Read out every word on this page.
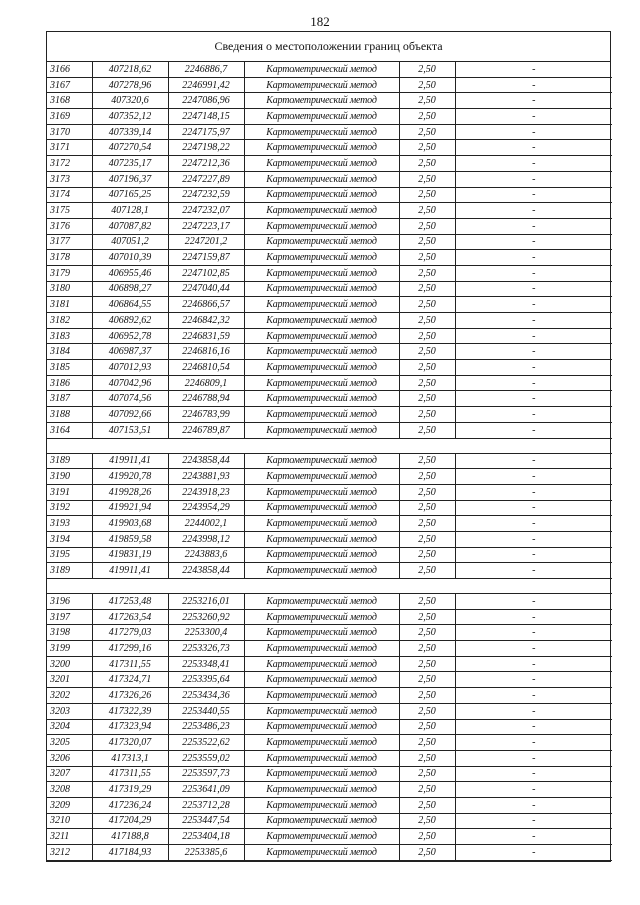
182
Сведения о местоположении границ объекта
3166	407218,62	2246886,7	Картометрический метод	2,50	-
3167	407278,96	2246991,42	Картометрический метод	2,50	-
3168	407320,6	2247086,96	Картометрический метод	2,50	-
3169	407352,12	2247148,15	Картометрический метод	2,50	-
3170	407339,14	2247175,97	Картометрический метод	2,50	-
3171	407270,54	2247198,22	Картометрический метод	2,50	-
3172	407235,17	2247212,36	Картометрический метод	2,50	-
3173	407196,37	2247227,89	Картометрический метод	2,50	-
3174	407165,25	2247232,59	Картометрический метод	2,50	-
3175	407128,1	2247232,07	Картометрический метод	2,50	-
3176	407087,82	2247223,17	Картометрический метод	2,50	-
3177	407051,2	2247201,2	Картометрический метод	2,50	-
3178	407010,39	2247159,87	Картометрический метод	2,50	-
3179	406955,46	2247102,85	Картометрический метод	2,50	-
3180	406898,27	2247040,44	Картометрический метод	2,50	-
3181	406864,55	2246866,57	Картометрический метод	2,50	-
3182	406892,62	2246842,32	Картометрический метод	2,50	-
3183	406952,78	2246831,59	Картометрический метод	2,50	-
3184	406987,37	2246816,16	Картометрический метод	2,50	-
3185	407012,93	2246810,54	Картометрический метод	2,50	-
3186	407042,96	2246809,1	Картометрический метод	2,50	-
3187	407074,56	2246788,94	Картометрический метод	2,50	-
3188	407092,66	2246783,99	Картометрический метод	2,50	-
3164	407153,51	2246789,87	Картометрический метод	2,50	-

3189	419911,41	2243858,44	Картометрический метод	2,50	-
3190	419920,78	2243881,93	Картометрический метод	2,50	-
3191	419928,26	2243918,23	Картометрический метод	2,50	-
3192	419921,94	2243954,29	Картометрический метод	2,50	-
3193	419903,68	2244002,1	Картометрический метод	2,50	-
3194	419859,58	2243998,12	Картометрический метод	2,50	-
3195	419831,19	2243883,6	Картометрический метод	2,50	-
3189	419911,41	2243858,44	Картометрический метод	2,50	-

3196	417253,48	2253216,01	Картометрический метод	2,50	-
3197	417263,54	2253260,92	Картометрический метод	2,50	-
3198	417279,03	2253300,4	Картометрический метод	2,50	-
3199	417299,16	2253326,73	Картометрический метод	2,50	-
3200	417311,55	2253348,41	Картометрический метод	2,50	-
3201	417324,71	2253395,64	Картометрический метод	2,50	-
3202	417326,26	2253434,36	Картометрический метод	2,50	-
3203	417322,39	2253440,55	Картометрический метод	2,50	-
3204	417323,94	2253486,23	Картометрический метод	2,50	-
3205	417320,07	2253522,62	Картометрический метод	2,50	-
3206	417313,1	2253559,02	Картометрический метод	2,50	-
3207	417311,55	2253597,73	Картометрический метод	2,50	-
3208	417319,29	2253641,09	Картометрический метод	2,50	-
3209	417236,24	2253712,28	Картометрический метод	2,50	-
3210	417204,29	2253447,54	Картометрический метод	2,50	-
3211	417188,8	2253404,18	Картометрический метод	2,50	-
3212	417184,93	2253385,6	Картометрический метод	2,50	-
